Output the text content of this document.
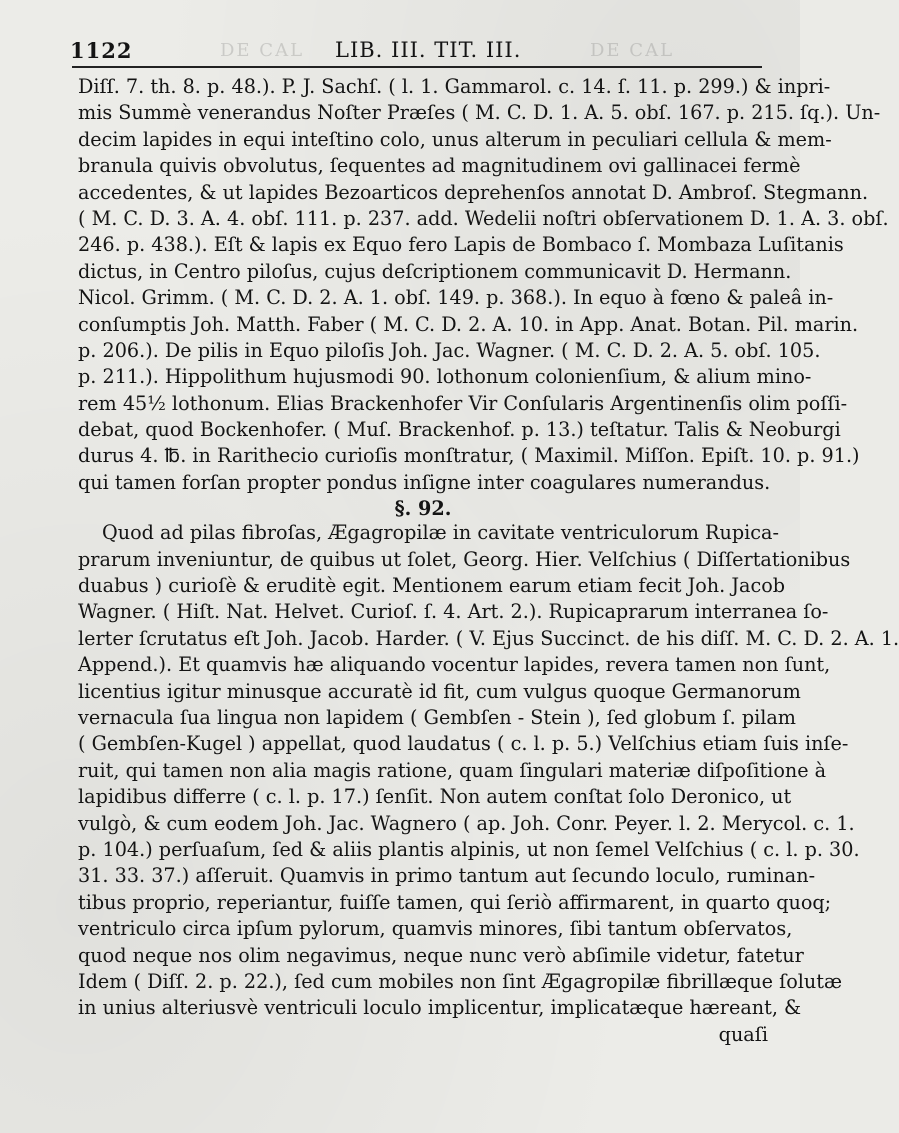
DE CAL	DE CAL
1122	LIB. III. TIT. III.
Diſſ. 7. th. 8. p. 48.). P. J. Sachſ. ( l. 1. Gammarol. c. 14. ſ. 11. p. 299.) & inpri-
mis Summè venerandus Noſter Præſes ( M. C. D. 1. A. 5. obſ. 167. p. 215. ſq.). Un-
decim lapides in equi inteſtino colo, unus alterum in peculiari cellula & mem-
branula quivis obvolutus, ſequentes ad magnitudinem ovi gallinacei fermè
accedentes, & ut lapides Bezoarticos deprehenſos annotat D. Ambroſ. Stegmann.
( M. C. D. 3. A. 4. obſ. 111. p. 237. add. Wedelii noſtri obſervationem D. 1. A. 3. obſ.
246. p. 438.). Eſt & lapis ex Equo fero Lapis de Bombaco ſ. Mombaza Luſitanis
dictus, in Centro piloſus, cujus deſcriptionem communicavit D. Hermann.
Nicol. Grimm. ( M. C. D. 2. A. 1. obſ. 149. p. 368.). In equo à fœno & paleâ in-
conſumptis Joh. Matth. Faber ( M. C. D. 2. A. 10. in App. Anat. Botan. Pil. marin.
p. 206.). De pilis in Equo piloſis Joh. Jac. Wagner. ( M. C. D. 2. A. 5. obſ. 105.
p. 211.). Hippolithum hujusmodi 90. lothonum colonienſium, & alium mino-
rem 45½ lothonum. Elias Brackenhofer Vir Conſularis Argentinenſis olim poſſi-
debat, quod Bockenhofer. ( Muſ. Brackenhof. p. 13.) teſtatur. Talis & Neoburgi
durus 4. ℔. in Rarithecio curioſis monſtratur, ( Maximil. Miſſon. Epiſt. 10. p. 91.)
qui tamen forſan propter pondus inſigne inter coagulares numerandus.
§. 92.
Quod ad pilas fibroſas, Ægagropilæ in cavitate ventriculorum Rupica-
prarum inveniuntur, de quibus ut ſolet, Georg. Hier. Velſchius ( Diſſertationibus
duabus ) curioſè & eruditè egit. Mentionem earum etiam fecit Joh. Jacob
Wagner. ( Hiſt. Nat. Helvet. Curioſ. ſ. 4. Art. 2.). Rupicaprarum interranea ſo-
lerter ſcrutatus eſt Joh. Jacob. Harder. ( V. Ejus Succinct. de his diſſ. M. C. D. 2. A. 1.
Append.). Et quamvis hæ aliquando vocentur lapides, revera tamen non ſunt,
licentius igitur minusque accuratè id fit, cum vulgus quoque Germanorum
vernacula ſua lingua non lapidem ( Gembſen - Stein ), ſed globum ſ. pilam
( Gembſen-Kugel ) appellat, quod laudatus ( c. l. p. 5.) Velſchius etiam ſuis inſe-
ruit, qui tamen non alia magis ratione, quam ſingulari materiæ diſpoſitione à
lapidibus differre ( c. l. p. 17.) ſenſit. Non autem conſtat ſolo Deronico, ut
vulgò, & cum eodem Joh. Jac. Wagnero ( ap. Joh. Conr. Peyer. l. 2. Merycol. c. 1.
p. 104.) perſuaſum, ſed & aliis plantis alpinis, ut non ſemel Velſchius ( c. l. p. 30.
31. 33. 37.) aſſeruit. Quamvis in primo tantum aut ſecundo loculo, ruminan-
tibus proprio, reperiantur, fuiſſe tamen, qui ſeriò affirmarent, in quarto quoq;
ventriculo circa ipſum pylorum, quamvis minores, ſibi tantum obſervatos,
quod neque nos olim negavimus, neque nunc verò abſimile videtur, fatetur
Idem ( Diſſ. 2. p. 22.), ſed cum mobiles non ſint Ægagropilæ fibrillæque ſolutæ
in unius alteriusvè ventriculi loculo implicentur, implicatæque hæreant, &
quaſi
